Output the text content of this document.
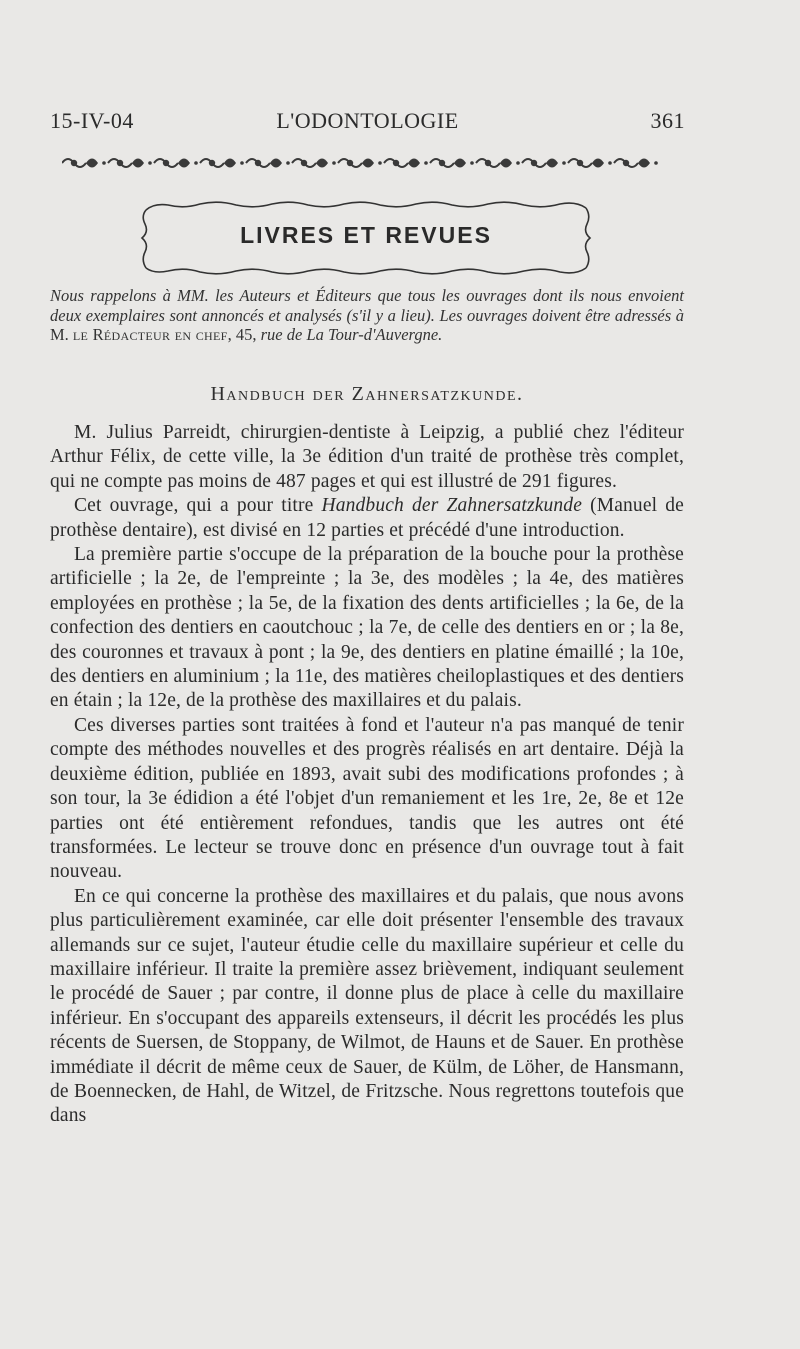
15-IV-04	L'ODONTOLOGIE	361
LIVRES ET REVUES
Nous rappelons à MM. les Auteurs et Éditeurs que tous les ouvrages dont ils nous envoient deux exemplaires sont annoncés et analysés (s'il y a lieu). Les ouvrages doivent être adressés à M. le Rédacteur en chef, 45, rue de La Tour-d'Auvergne.
Handbuch der Zahnersatzkunde.

M. Julius Parreidt, chirurgien-dentiste à Leipzig, a publié chez l'éditeur Arthur Félix, de cette ville, la 3e édition d'un traité de prothèse très complet, qui ne compte pas moins de 487 pages et qui est illustré de 291 figures.

Cet ouvrage, qui a pour titre Handbuch der Zahnersatzkunde (Manuel de prothèse dentaire), est divisé en 12 parties et précédé d'une introduction.

La première partie s'occupe de la préparation de la bouche pour la prothèse artificielle ; la 2e, de l'empreinte ; la 3e, des modèles ; la 4e, des matières employées en prothèse ; la 5e, de la fixation des dents artificielles ; la 6e, de la confection des dentiers en caoutchouc ; la 7e, de celle des dentiers en or ; la 8e, des couronnes et travaux à pont ; la 9e, des dentiers en platine émaillé ; la 10e, des dentiers en aluminium ; la 11e, des matières cheiloplastiques et des dentiers en étain ; la 12e, de la prothèse des maxillaires et du palais.

Ces diverses parties sont traitées à fond et l'auteur n'a pas manqué de tenir compte des méthodes nouvelles et des progrès réalisés en art dentaire. Déjà la deuxième édition, publiée en 1893, avait subi des modifications profondes ; à son tour, la 3e édidion a été l'objet d'un remaniement et les 1re, 2e, 8e et 12e parties ont été entièrement refondues, tandis que les autres ont été transformées. Le lecteur se trouve donc en présence d'un ouvrage tout à fait nouveau.

En ce qui concerne la prothèse des maxillaires et du palais, que nous avons plus particulièrement examinée, car elle doit présenter l'ensemble des travaux allemands sur ce sujet, l'auteur étudie celle du maxillaire supérieur et celle du maxillaire inférieur. Il traite la première assez brièvement, indiquant seulement le procédé de Sauer ; par contre, il donne plus de place à celle du maxillaire inférieur. En s'occupant des appareils extenseurs, il décrit les procédés les plus récents de Suersen, de Stoppany, de Wilmot, de Hauns et de Sauer. En prothèse immédiate il décrit de même ceux de Sauer, de Külm, de Löher, de Hansmann, de Boennecken, de Hahl, de Witzel, de Fritzsche. Nous regrettons toutefois que dans
